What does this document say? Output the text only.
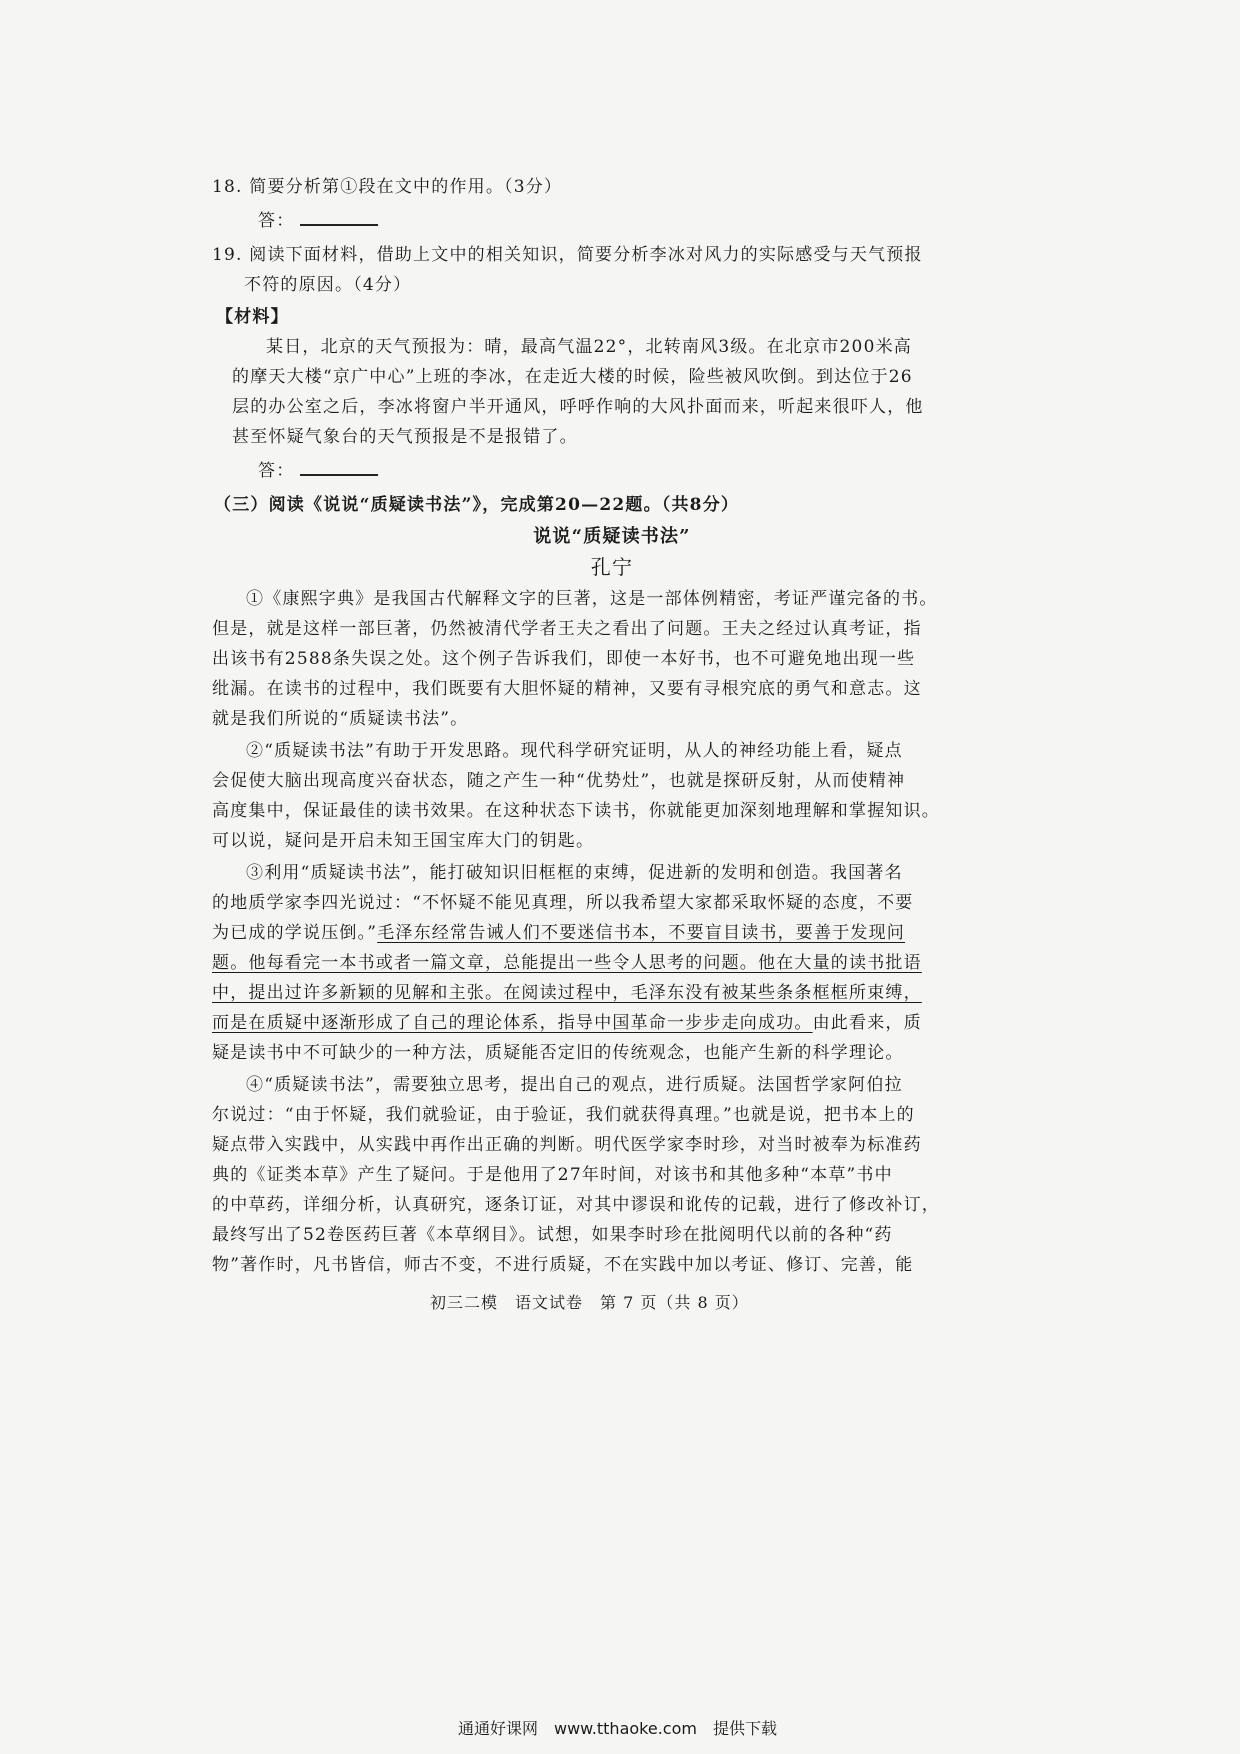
18. 简要分析第①段在文中的作用。（3分）
答：
19. 阅读下面材料，借助上文中的相关知识，简要分析李冰对风力的实际感受与天气预报
不符的原因。（4分）
【材料】
某日，北京的天气预报为：晴，最高气温22°，北转南风3级。在北京市200米高
的摩天大楼“京广中心”上班的李冰，在走近大楼的时候，险些被风吹倒。到达位于26
层的办公室之后，李冰将窗户半开通风，呼呼作响的大风扑面而来，听起来很吓人，他
甚至怀疑气象台的天气预报是不是报错了。
答：
（三）阅读《说说“质疑读书法”》，完成第20—22题。（共8分）
说说“质疑读书法”
孔宁
①《康熙字典》是我国古代解释文字的巨著，这是一部体例精密，考证严谨完备的书。
但是，就是这样一部巨著，仍然被清代学者王夫之看出了问题。王夫之经过认真考证，指
出该书有2588条失误之处。这个例子告诉我们，即使一本好书，也不可避免地出现一些
纰漏。在读书的过程中，我们既要有大胆怀疑的精神，又要有寻根究底的勇气和意志。这
就是我们所说的“质疑读书法”。
②“质疑读书法”有助于开发思路。现代科学研究证明，从人的神经功能上看，疑点
会促使大脑出现高度兴奋状态，随之产生一种“优势灶”，也就是探研反射，从而使精神
高度集中，保证最佳的读书效果。在这种状态下读书，你就能更加深刻地理解和掌握知识。
可以说，疑问是开启未知王国宝库大门的钥匙。
③利用“质疑读书法”，能打破知识旧框框的束缚，促进新的发明和创造。我国著名
的地质学家李四光说过：“不怀疑不能见真理，所以我希望大家都采取怀疑的态度，不要
为已成的学说压倒。”毛泽东经常告诫人们不要迷信书本，不要盲目读书，要善于发现问
题。他每看完一本书或者一篇文章，总能提出一些令人思考的问题。他在大量的读书批语
中，提出过许多新颖的见解和主张。在阅读过程中，毛泽东没有被某些条条框框所束缚，
而是在质疑中逐渐形成了自己的理论体系，指导中国革命一步步走向成功。由此看来，质
疑是读书中不可缺少的一种方法，质疑能否定旧的传统观念，也能产生新的科学理论。
④“质疑读书法”，需要独立思考，提出自己的观点，进行质疑。法国哲学家阿伯拉
尔说过：“由于怀疑，我们就验证，由于验证，我们就获得真理。”也就是说，把书本上的
疑点带入实践中，从实践中再作出正确的判断。明代医学家李时珍，对当时被奉为标准药
典的《证类本草》产生了疑问。于是他用了27年时间，对该书和其他多种“本草”书中
的中草药，详细分析，认真研究，逐条订证，对其中谬误和讹传的记载，进行了修改补订，
最终写出了52卷医药巨著《本草纲目》。试想，如果李时珍在批阅明代以前的各种“药
物”著作时，凡书皆信，师古不变，不进行质疑，不在实践中加以考证、修订、完善，能
初三二模　语文试卷　第 7 页（共 8 页）
通通好课网　www.tthaoke.com　提供下载
